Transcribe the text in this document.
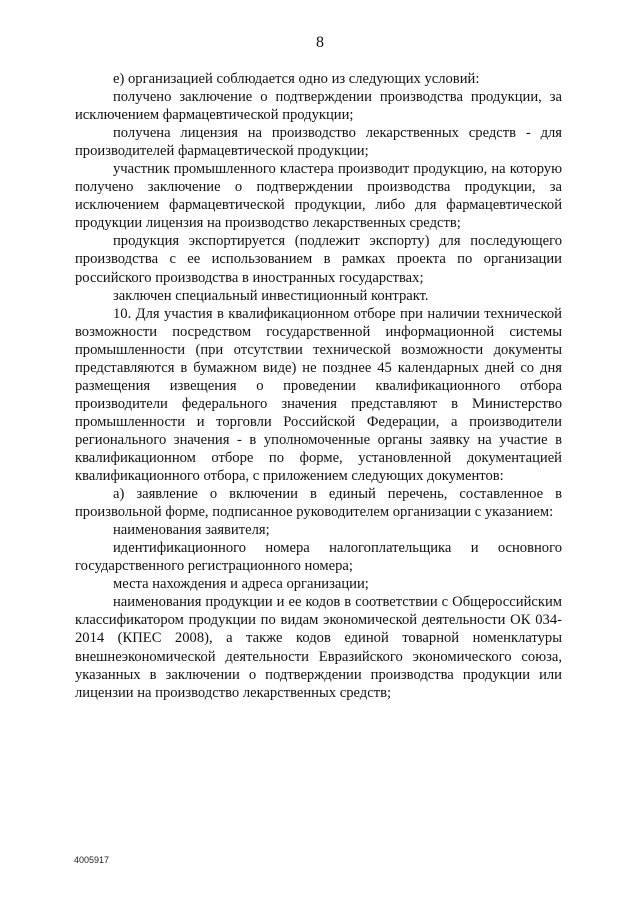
8

е) организацией соблюдается одно из следующих условий:

получено заключение о подтверждении производства продукции, за исключением фармацевтической продукции;

получена лицензия на производство лекарственных средств - для производителей фармацевтической продукции;

участник промышленного кластера производит продукцию, на которую получено заключение о подтверждении производства продукции, за исключением фармацевтической продукции, либо для фармацевтической продукции лицензия на производство лекарственных средств;

продукция экспортируется (подлежит экспорту) для последующего производства с ее использованием в рамках проекта по организации российского производства в иностранных государствах;

заключен специальный инвестиционный контракт.

10. Для участия в квалификационном отборе при наличии технической возможности посредством государственной информационной системы промышленности (при отсутствии технической возможности документы представляются в бумажном виде) не позднее 45 календарных дней со дня размещения извещения о проведении квалификационного отбора производители федерального значения представляют в Министерство промышленности и торговли Российской Федерации, а производители регионального значения - в уполномоченные органы заявку на участие в квалификационном отборе по форме, установленной документацией квалификационного отбора, с приложением следующих документов:

а) заявление о включении в единый перечень, составленное в произвольной форме, подписанное руководителем организации с указанием:

наименования заявителя;

идентификационного номера налогоплательщика и основного государственного регистрационного номера;

места нахождения и адреса организации;

наименования продукции и ее кодов в соответствии с Общероссийским классификатором продукции по видам экономической деятельности ОК 034-2014 (КПЕС 2008), а также кодов единой товарной номенклатуры внешнеэкономической деятельности Евразийского экономического союза, указанных в заключении о подтверждении производства продукции или лицензии на производство лекарственных средств;

4005917
